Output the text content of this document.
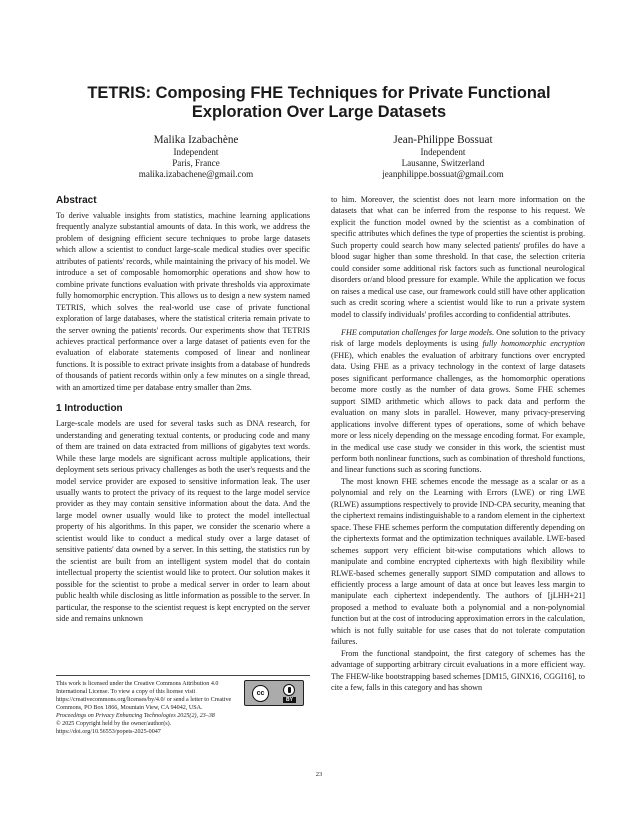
TETRIS: Composing FHE Techniques for Private Functional Exploration Over Large Datasets
Malika Izabachène
Independent
Paris, France
malika.izabachene@gmail.com
Jean-Philippe Bossuat
Independent
Lausanne, Switzerland
jeanphilippe.bossuat@gmail.com
Abstract

To derive valuable insights from statistics, machine learning applications frequently analyze substantial amounts of data. In this work, we address the problem of designing efficient secure techniques to probe large datasets which allow a scientist to conduct large-scale medical studies over specific attributes of patients' records, while maintaining the privacy of his model. We introduce a set of composable homomorphic operations and show how to combine private functions evaluation with private thresholds via approximate fully homomorphic encryption. This allows us to design a new system named TETRIS, which solves the real-world use case of private functional exploration of large databases, where the statistical criteria remain private to the server owning the patients' records. Our experiments show that TETRIS achieves practical performance over a large dataset of patients even for the evaluation of elaborate statements composed of linear and nonlinear functions. It is possible to extract private insights from a database of hundreds of thousands of patient records within only a few minutes on a single thread, with an amortized time per database entry smaller than 2ms.

1 Introduction

Large-scale models are used for several tasks such as DNA research, for understanding and generating textual contents, or producing code and many of them are trained on data extracted from millions of gigabytes text words. While these large models are significant across multiple applications, their deployment sets serious privacy challenges as both the user's requests and the model service provider are exposed to sensitive information leak. The user usually wants to protect the privacy of its request to the large model service provider as they may contain sensitive information about the data. And the large model owner usually would like to protect the model intellectual property of his algorithms. In this paper, we consider the scenario where a scientist would like to conduct a medical study over a large dataset of sensitive patients' data owned by a server. In this setting, the statistics run by the scientist are built from an intelligent system model that do contain intellectual property the scientist would like to protect. Our solution makes it possible for the scientist to probe a medical server in order to learn about public health while disclosing as little information as possible to the server. In particular, the response to the scientist request is kept encrypted on the server side and remains unknown

to him. Moreover, the scientist does not learn more information on the datasets that what can be inferred from the response to his request. We explicit the function model owned by the scientist as a combination of specific attributes which defines the type of properties the scientist is probing. Such property could search how many selected patients' profiles do have a blood sugar higher than some threshold. In that case, the selection criteria could consider some additional risk factors such as functional neurological disorders or/and blood pressure for example. While the application we focus on raises a medical use case, our framework could still have other application such as credit scoring where a scientist would like to run a private system model to classify individuals' profiles according to confidential attributes.

FHE computation challenges for large models. One solution to the privacy risk of large models deployments is using fully homomorphic encryption (FHE), which enables the evaluation of arbitrary functions over encrypted data. Using FHE as a privacy technology in the context of large datasets poses significant performance challenges, as the homomorphic operations become more costly as the number of data grows. Some FHE schemes support SIMD arithmetic which allows to pack data and perform the evaluation on many slots in parallel. However, many privacy-preserving applications involve different types of operations, some of which behave more or less nicely depending on the message encoding format. For example, in the medical use case study we consider in this work, the scientist must perform both nonlinear functions, such as combination of threshold functions, and linear functions such as scoring functions.

The most known FHE schemes encode the message as a scalar or as a polynomial and rely on the Learning with Errors (LWE) or ring LWE (RLWE) assumptions respectively to provide IND-CPA security, meaning that the ciphertext remains indistinguishable to a random element in the ciphertext space. These FHE schemes perform the computation differently depending on the ciphertexts format and the optimization techniques available. LWE-based schemes support very efficient bit-wise computations which allows to manipulate and combine encrypted ciphertexts with high flexibility while RLWE-based schemes generally support SIMD computation and allows to efficiently process a large amount of data at once but leaves less margin to manipulate each ciphertext independently. The authors of [jLHH+21] proposed a method to evaluate both a polynomial and a non-polynomial function but at the cost of introducing approximation errors in the calculation, which is not fully suitable for use cases that do not tolerate computation failures.

From the functional standpoint, the first category of schemes has the advantage of supporting arbitrary circuit evaluations in a more efficient way. The FHEW-like bootstrapping based schemes [DM15, GINX16, CGGI16], to cite a few, falls in this category and has shown

This work is licensed under the Creative Commons Attribution 4.0 International License. To view a copy of this license visit https://creativecommons.org/licenses/by/4.0/ or send a letter to Creative Commons, PO Box 1866, Mountain View, CA 94042, USA.

cc
BY

Proceedings on Privacy Enhancing Technologies 2025(2), 23–38

© 2025 Copyright held by the owner/author(s).

https://doi.org/10.56553/popets-2025-0047

23
